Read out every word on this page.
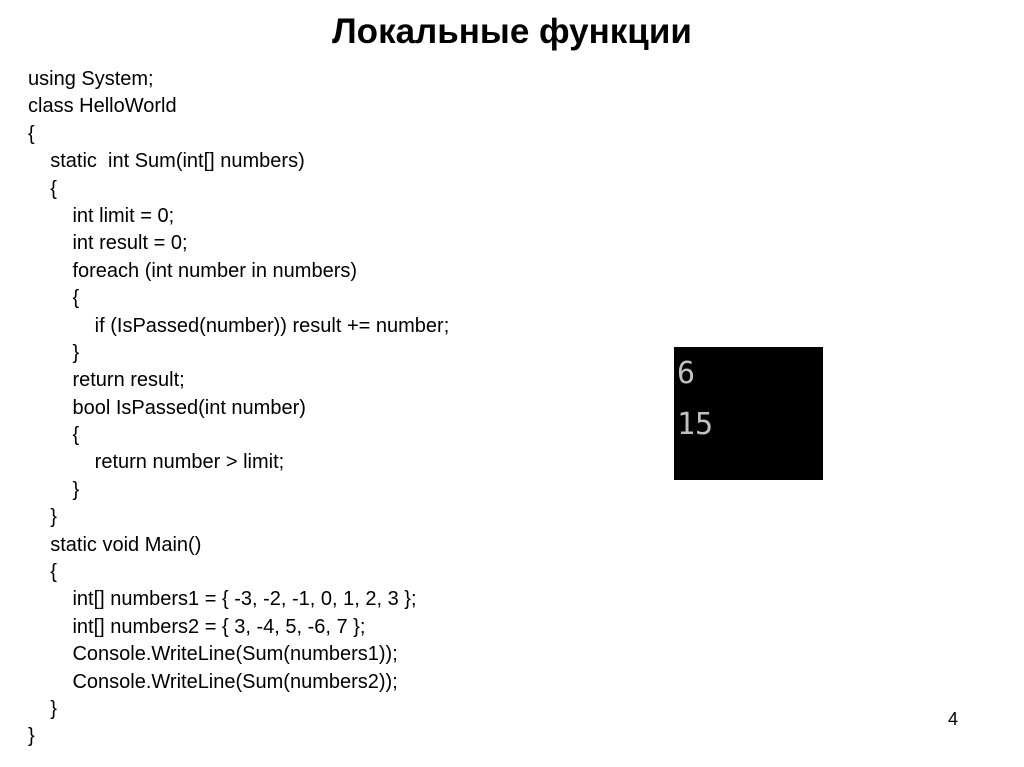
Локальные функции
using System;
class HelloWorld
{
static  int Sum(int[] numbers)
{
int limit = 0;
int result = 0;
foreach (int number in numbers)
{
if (IsPassed(number)) result += number;
}
return result;
bool IsPassed(int number)
{
return number > limit;
}
}
static void Main()
{
int[] numbers1 = { -3, -2, -1, 0, 1, 2, 3 };
int[] numbers2 = { 3, -4, 5, -6, 7 };
Console.WriteLine(Sum(numbers1));
Console.WriteLine(Sum(numbers2));
}
}
6
15
4
